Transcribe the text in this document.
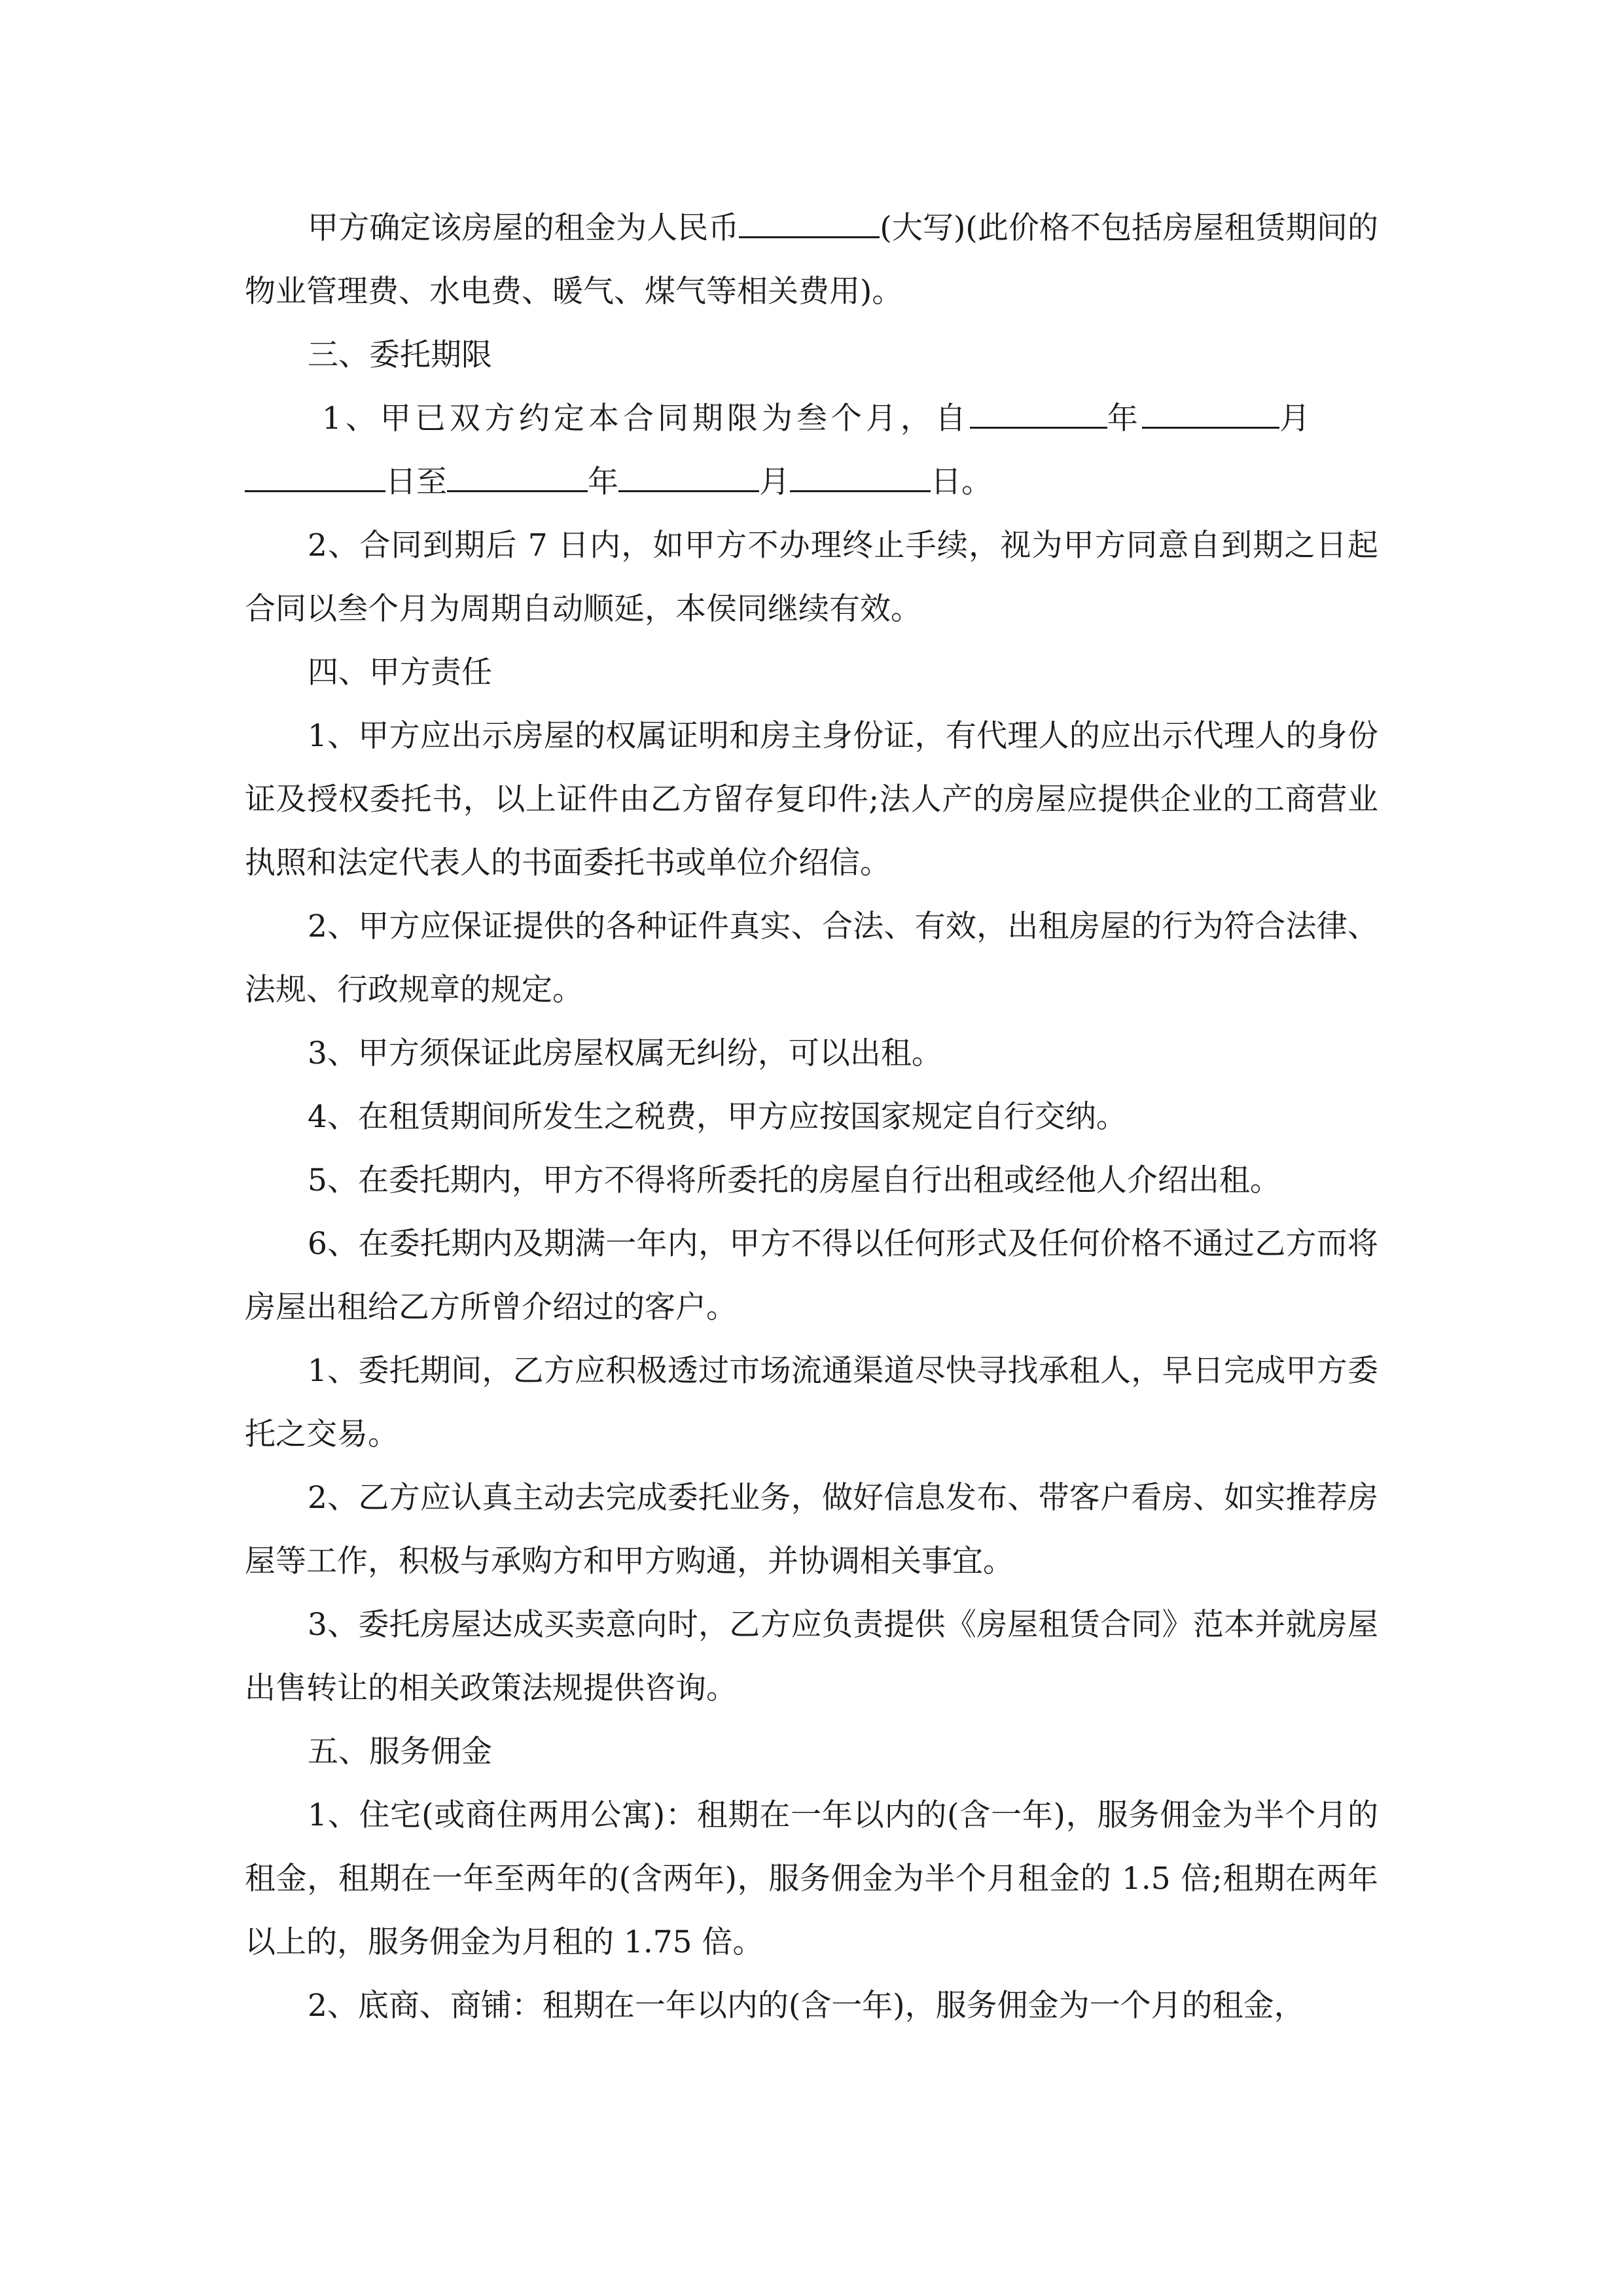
甲方确定该房屋的租金为人民币	(大写)(此价格不包括房屋租赁期间的物业管理费、水电费、暖气、煤气等相关费用)。

三、委托期限

1、甲已双方约定本合同期限为叁个月，自	年	月

日至	年	月	日。

2、合同到期后 7 日内，如甲方不办理终止手续，视为甲方同意自到期之日起合同以叁个月为周期自动顺延，本侯同继续有效。

四、甲方责任

1、甲方应出示房屋的权属证明和房主身份证，有代理人的应出示代理人的身份证及授权委托书，以上证件由乙方留存复印件;法人产的房屋应提供企业的工商营业执照和法定代表人的书面委托书或单位介绍信。

2、甲方应保证提供的各种证件真实、合法、有效，出租房屋的行为符合法律、法规、行政规章的规定。

3、甲方须保证此房屋权属无纠纷，可以出租。

4、在租赁期间所发生之税费，甲方应按国家规定自行交纳。

5、在委托期内，甲方不得将所委托的房屋自行出租或经他人介绍出租。

6、在委托期内及期满一年内，甲方不得以任何形式及任何价格不通过乙方而将房屋出租给乙方所曾介绍过的客户。

1、委托期间，乙方应积极透过市场流通渠道尽快寻找承租人，早日完成甲方委托之交易。

2、乙方应认真主动去完成委托业务，做好信息发布、带客户看房、如实推荐房屋等工作，积极与承购方和甲方购通，并协调相关事宜。

3、委托房屋达成买卖意向时，乙方应负责提供《房屋租赁合同》范本并就房屋出售转让的相关政策法规提供咨询。

五、服务佣金

1、住宅(或商住两用公寓)：租期在一年以内的(含一年)，服务佣金为半个月的租金，租期在一年至两年的(含两年)，服务佣金为半个月租金的 1.5 倍;租期在两年以上的，服务佣金为月租的 1.75 倍。

2、底商、商铺：租期在一年以内的(含一年)，服务佣金为一个月的租金，
